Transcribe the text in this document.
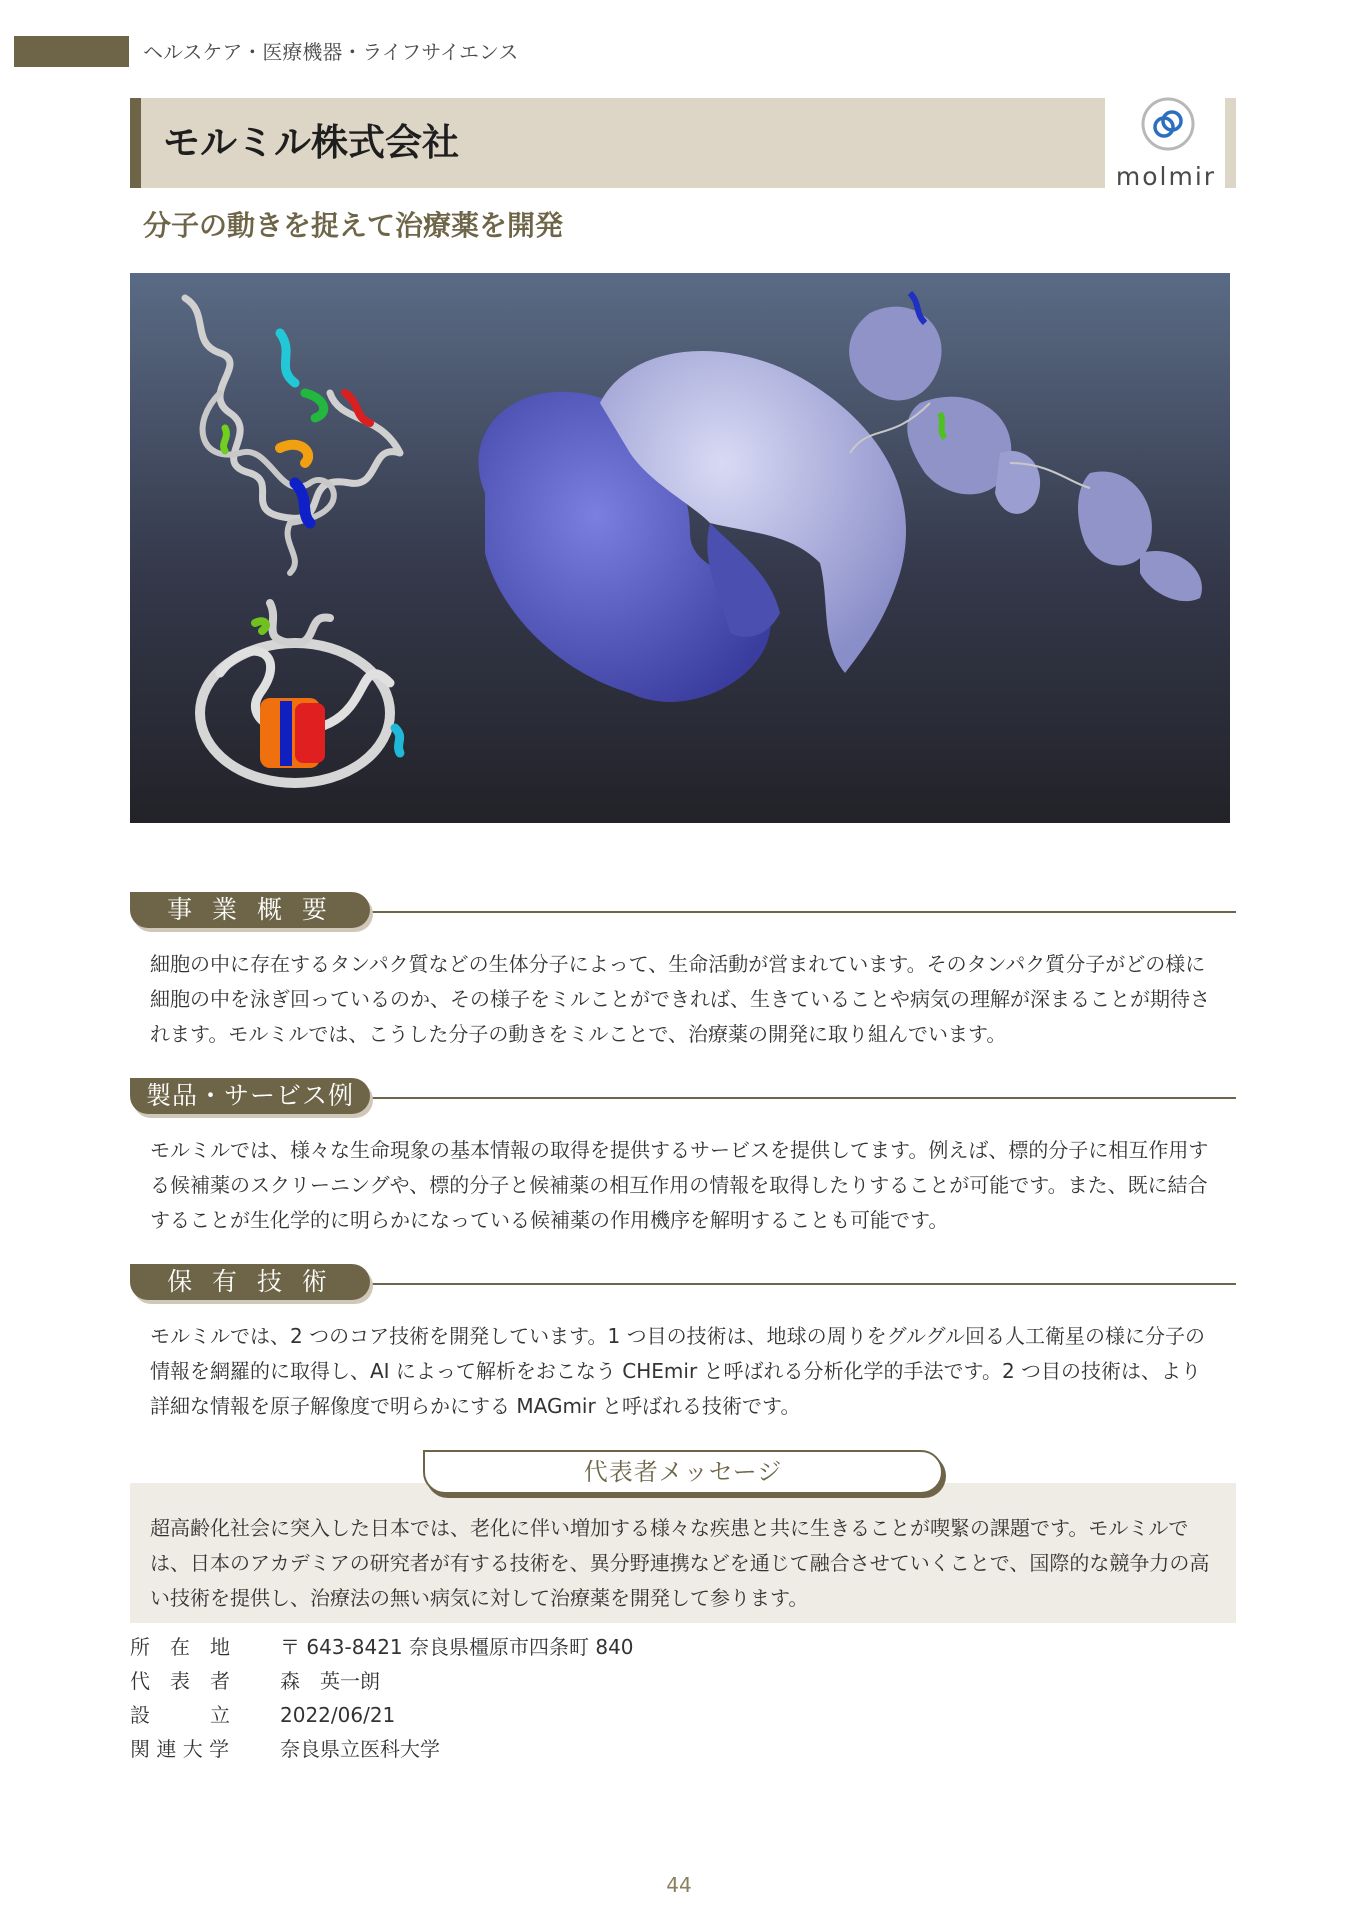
ヘルスケア・医療機器・ライフサイエンス
モルミル株式会社
molmir
分子の動きを捉えて治療薬を開発
事 業 概 要

細胞の中に存在するタンパク質などの生体分子によって、生命活動が営まれています。そのタンパク質分子がどの様に細胞の中を泳ぎ回っているのか、その様子をミルことができれば、生きていることや病気の理解が深まることが期待されます。モルミルでは、こうした分子の動きをミルことで、治療薬の開発に取り組んでいます。

製品・サービス例

モルミルでは、様々な生命現象の基本情報の取得を提供するサービスを提供してます。例えば、標的分子に相互作用する候補薬のスクリーニングや、標的分子と候補薬の相互作用の情報を取得したりすることが可能です。また、既に結合することが生化学的に明らかになっている候補薬の作用機序を解明することも可能です。

保 有 技 術

モルミルでは、2 つのコア技術を開発しています。1 つ目の技術は、地球の周りをグルグル回る人工衛星の様に分子の情報を網羅的に取得し、AI によって解析をおこなう CHEmir と呼ばれる分析化学的手法です。2 つ目の技術は、より詳細な情報を原子解像度で明らかにする MAGmir と呼ばれる技術です。

超高齢化社会に突入した日本では、老化に伴い増加する様々な疾患と共に生きることが喫緊の課題です。モルミルでは、日本のアカデミアの研究者が有する技術を、異分野連携などを通じて融合させていくことで、国際的な競争力の高い技術を提供し、治療法の無い病気に対して治療薬を開発して参ります。

代表者メッセージ
所　在　地	〒 643-8421 奈良県橿原市四条町 840
代　表　者	森　英一朗
設　　　立	2022/06/21
関 連 大 学	奈良県立医科大学
44
